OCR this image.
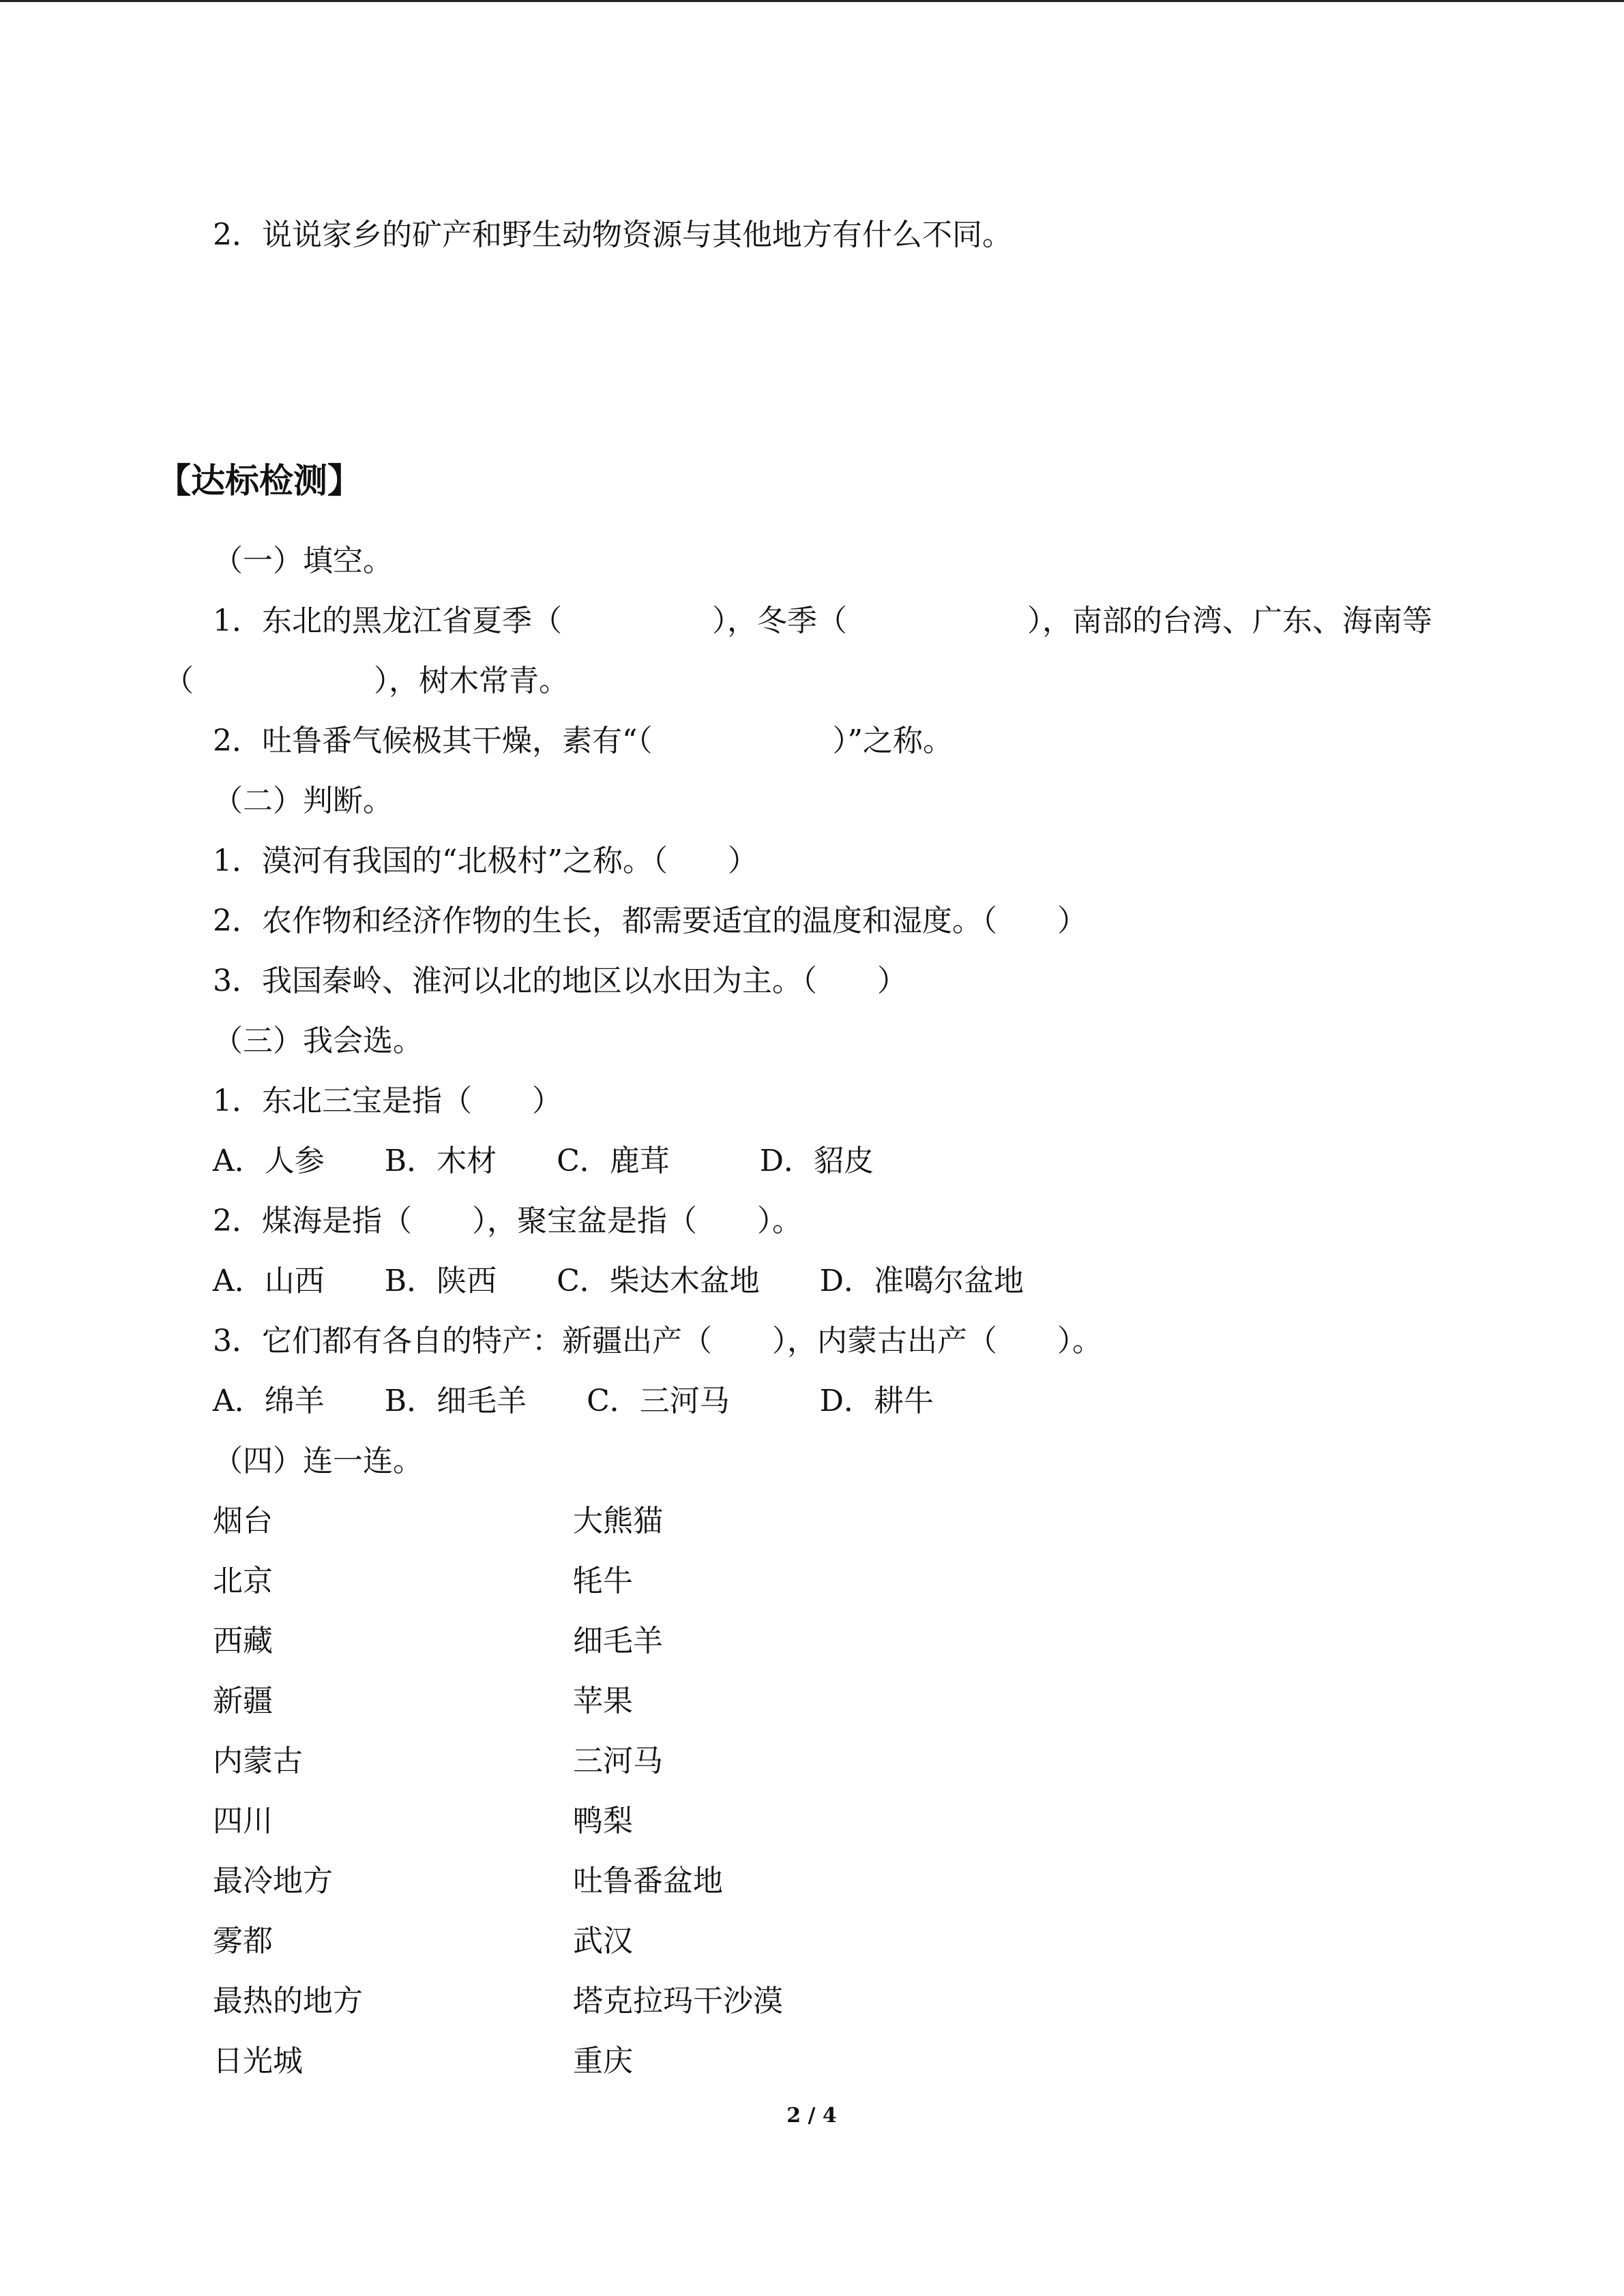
2．说说家乡的矿产和野生动物资源与其他地方有什么不同。
【达标检测】
（一）填空。
1．东北的黑龙江省夏季（　　　　　），冬季（　　　　　　），南部的台湾、广东、海南等
（　　　　　　），树木常青。
2．吐鲁番气候极其干燥，素有“（　　　　　　）”之称。
（二）判断。
1．漠河有我国的“北极村”之称。（　　）
2．农作物和经济作物的生长，都需要适宜的温度和湿度。（　　）
3．我国秦岭、淮河以北的地区以水田为主。（　　）
（三）我会选。
1．东北三宝是指（　　）
A．人参　　B．木材　　C．鹿茸　　　D．貂皮
2．煤海是指（　　），聚宝盆是指（　　）。
A．山西　　B．陕西　　C．柴达木盆地　　D．准噶尔盆地
3．它们都有各自的特产：新疆出产（　　），内蒙古出产（　　）。
A．绵羊　　B．细毛羊　　C．三河马　　　D．耕牛
（四）连一连。
烟台
北京
西藏
新疆
内蒙古
四川
最冷地方
雾都
最热的地方
日光城
大熊猫
牦牛
细毛羊
苹果
三河马
鸭梨
吐鲁番盆地
武汉
塔克拉玛干沙漠
重庆
2 / 4
